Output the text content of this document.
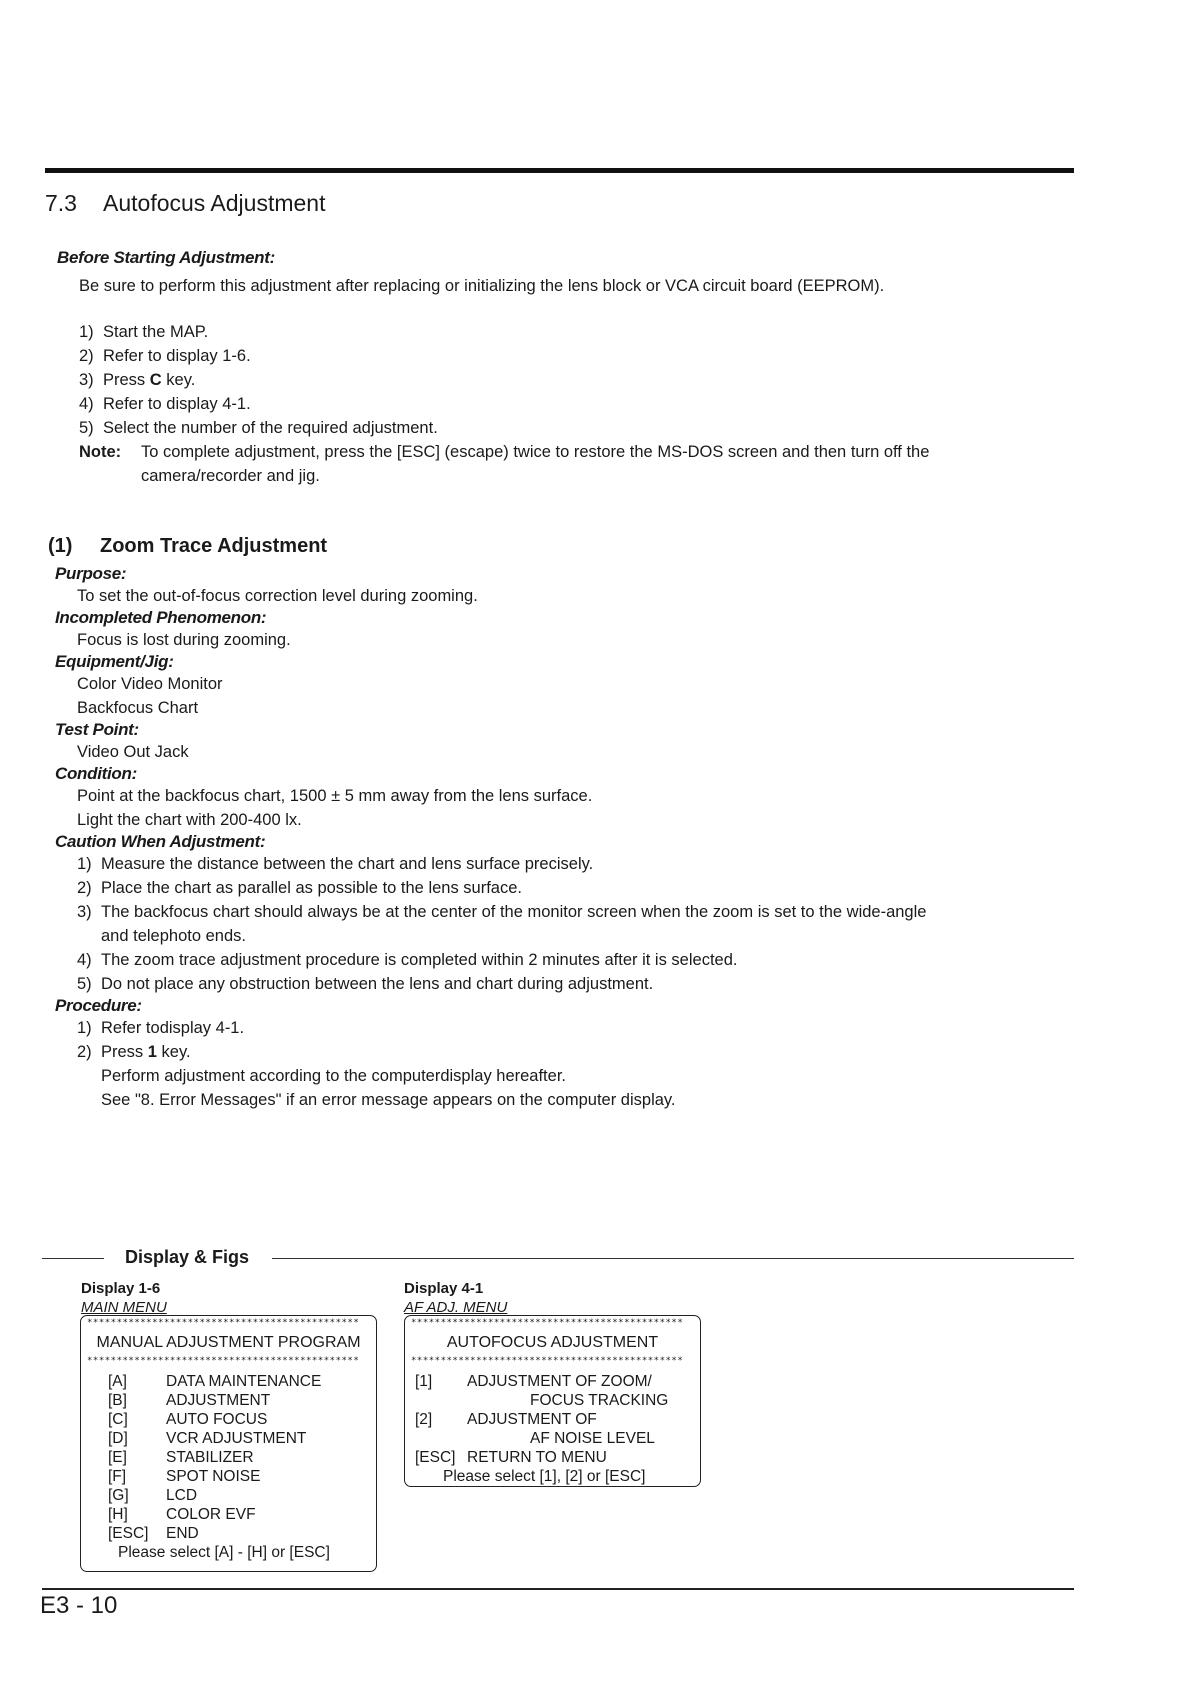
7.3 Autofocus Adjustment
Before Starting Adjustment:
Be sure to perform this adjustment after replacing or initializing the lens block or VCA circuit board (EEPROM).
1) Start the MAP.
2) Refer to display 1-6.
3) Press C key.
4) Refer to display 4-1.
5) Select the number of the required adjustment.
Note:	To complete adjustment, press the [ESC] (escape) twice to restore the MS-DOS screen and then turn off the
camera/recorder and jig.
(1) Zoom Trace Adjustment
Purpose:
To set the out-of-focus correction level during zooming.
Incompleted Phenomenon:
Focus is lost during zooming.
Equipment/Jig:
Color Video Monitor
Backfocus Chart
Test Point:
Video Out Jack
Condition:
Point at the backfocus chart, 1500 ± 5 mm away from the lens surface.
Light the chart with 200-400 lx.
Caution When Adjustment:
1) Measure the distance between the chart and lens surface precisely.
2) Place the chart as parallel as possible to the lens surface.
3) The backfocus chart should always be at the center of the monitor screen when the zoom is set to the wide-angle
and telephoto ends.
4) The zoom trace adjustment procedure is completed within 2 minutes after it is selected.
5) Do not place any obstruction between the lens and chart during adjustment.
Procedure:
1) Refer todisplay 4-1.
2) Press 1 key.
Perform adjustment according to the computerdisplay hereafter.
See "8. Error Messages" if an error message appears on the computer display.
Display & Figs
Display 1-6
MAIN MENU
**********************************************
MANUAL ADJUSTMENT PROGRAM
**********************************************
[A]	DATA MAINTENANCE
[B]	ADJUSTMENT
[C]	AUTO FOCUS
[D]	VCR ADJUSTMENT
[E]	STABILIZER
[F]	SPOT NOISE
[G]	LCD
[H]	COLOR EVF
[ESC]	END
Please select [A] - [H] or [ESC]
Display 4-1
AF ADJ. MENU
**********************************************
AUTOFOCUS ADJUSTMENT
**********************************************
[1]	ADJUSTMENT OF ZOOM/
FOCUS TRACKING
[2]	ADJUSTMENT OF
AF NOISE LEVEL
[ESC] RETURN TO MENU
Please select [1], [2] or [ESC]
E3 - 10
